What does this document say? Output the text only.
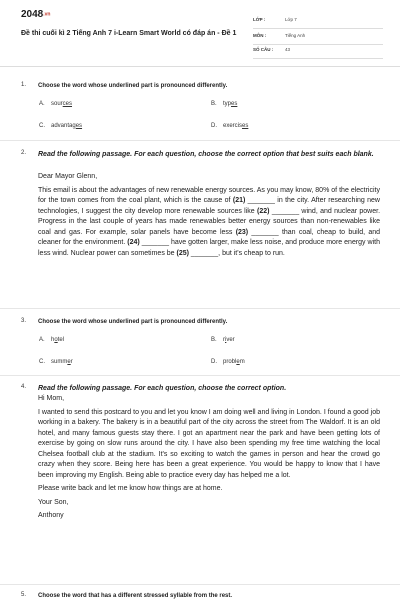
2048.vn
Đề thi cuối kì 2 Tiếng Anh 7 i-Learn Smart World có đáp án - Đề 1
LỚP :	Lớp 7
MÔN :	Tiếng Anh
SỐ CÂU :	43
1. Choose the word whose underlined part is pronounced differently.
A. sources	B. types
C. advantages	D. exercises
2. Read the following passage. For each question, choose the correct option that best suits each blank.

Dear Mayor Glenn,

This email is about the advantages of new renewable energy sources. As you may know, 80% of the electricity for the town comes from the coal plant, which is the cause of (21) _______ in the city. After researching new technologies, I suggest the city develop more renewable sources like (22) _______ wind, and nuclear power. Progress in the last couple of years has made renewables better energy sources than non-renewables like coal and gas. For example, solar panels have become less (23) _______ than coal, cheap to build, and cleaner for the environment. (24) _______ have gotten larger, make less noise, and produce more energy with less wind. Nuclear power can sometimes be (25) _______, but it's cheap to run.

3. Choose the word whose underlined part is pronounced differently.
A. hotel	B. river
C. summer	D. problem
4. Read the following passage. For each question, choose the correct option.

Hi Mom,

I wanted to send this postcard to you and let you know I am doing well and living in London. I found a good job working in a bakery. The bakery is in a beautiful part of the city across the street from The Waldorf. It is an old hotel, and many famous guests stay there. I got an apartment near the park and have been getting lots of exercise by going on slow runs around the city. I have also been spending my free time watching the local Chelsea football club at the stadium. It's so exciting to watch the games in person and hear the crowd go crazy when they score. Being here has been a great experience. You would be happy to know that I have been improving my English. Being able to practice every day has helped me a lot.

Please write back and let me know how things are at home.

Your Son,

Anthony

5. Choose the word that has a different stressed syllable from the rest.
